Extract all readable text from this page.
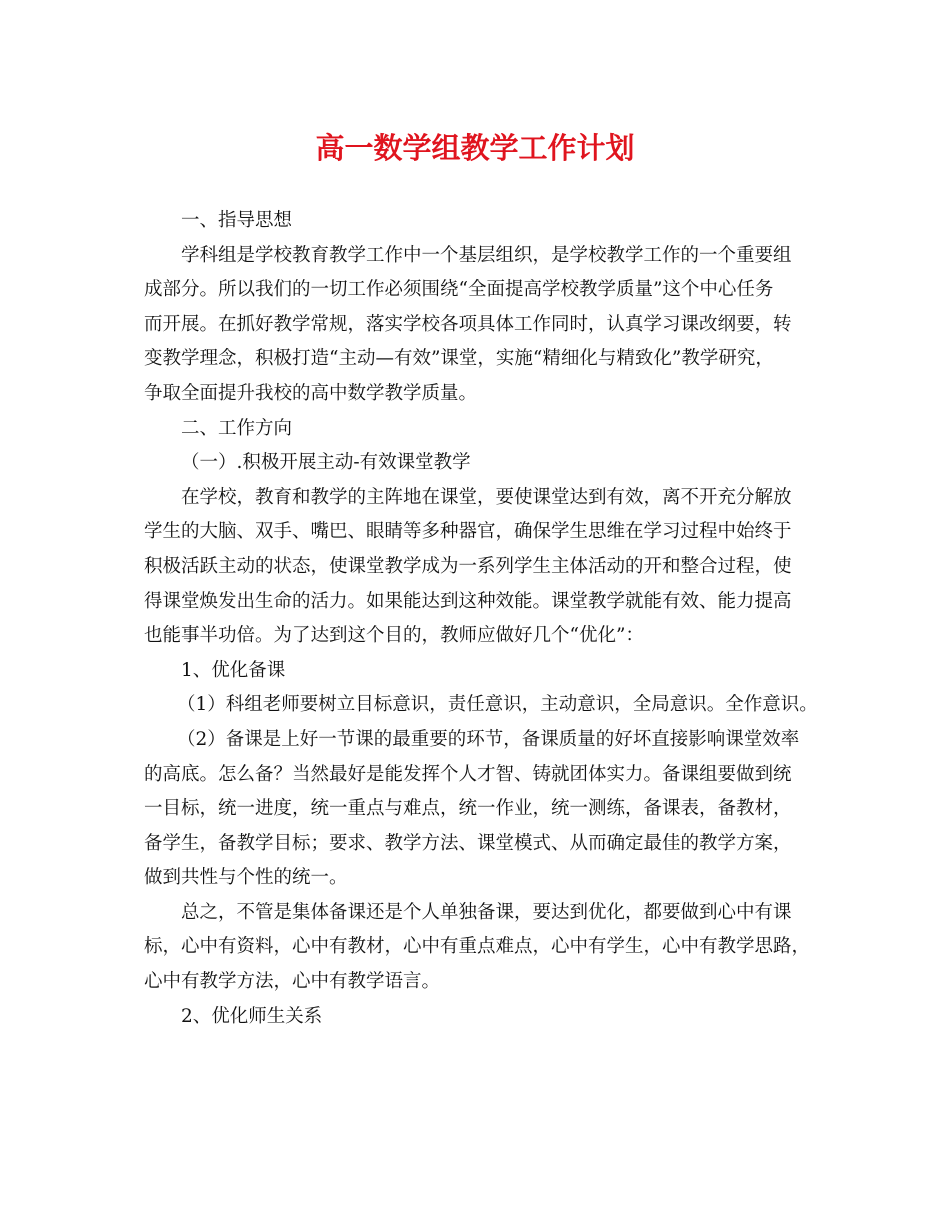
高一数学组教学工作计划
一、指导思想
学科组是学校教育教学工作中一个基层组织，是学校教学工作的一个重要组
成部分。所以我们的一切工作必须围绕“全面提高学校教学质量”这个中心任务
而开展。在抓好教学常规，落实学校各项具体工作同时，认真学习课改纲要，转
变教学理念，积极打造“主动—有效”课堂，实施“精细化与精致化”教学研究，
争取全面提升我校的高中数学教学质量。
二、工作方向
（一）.积极开展主动-有效课堂教学
在学校，教育和教学的主阵地在课堂，要使课堂达到有效，离不开充分解放
学生的大脑、双手、嘴巴、眼睛等多种器官，确保学生思维在学习过程中始终于
积极活跃主动的状态，使课堂教学成为一系列学生主体活动的开和整合过程，使
得课堂焕发出生命的活力。如果能达到这种效能。课堂教学就能有效、能力提高
也能事半功倍。为了达到这个目的，教师应做好几个“优化”：
1、优化备课
（1）科组老师要树立目标意识，责任意识，主动意识，全局意识。全作意识。
（2）备课是上好一节课的最重要的环节，备课质量的好坏直接影响课堂效率
的高底。怎么备？当然最好是能发挥个人才智、铸就团体实力。备课组要做到统
一目标，统一进度，统一重点与难点，统一作业，统一测练，备课表，备教材，
备学生，备教学目标；要求、教学方法、课堂模式、从而确定最佳的教学方案，
做到共性与个性的统一。
总之，不管是集体备课还是个人单独备课，要达到优化，都要做到心中有课
标，心中有资料，心中有教材，心中有重点难点，心中有学生，心中有教学思路，
心中有教学方法，心中有教学语言。
2、优化师生关系
